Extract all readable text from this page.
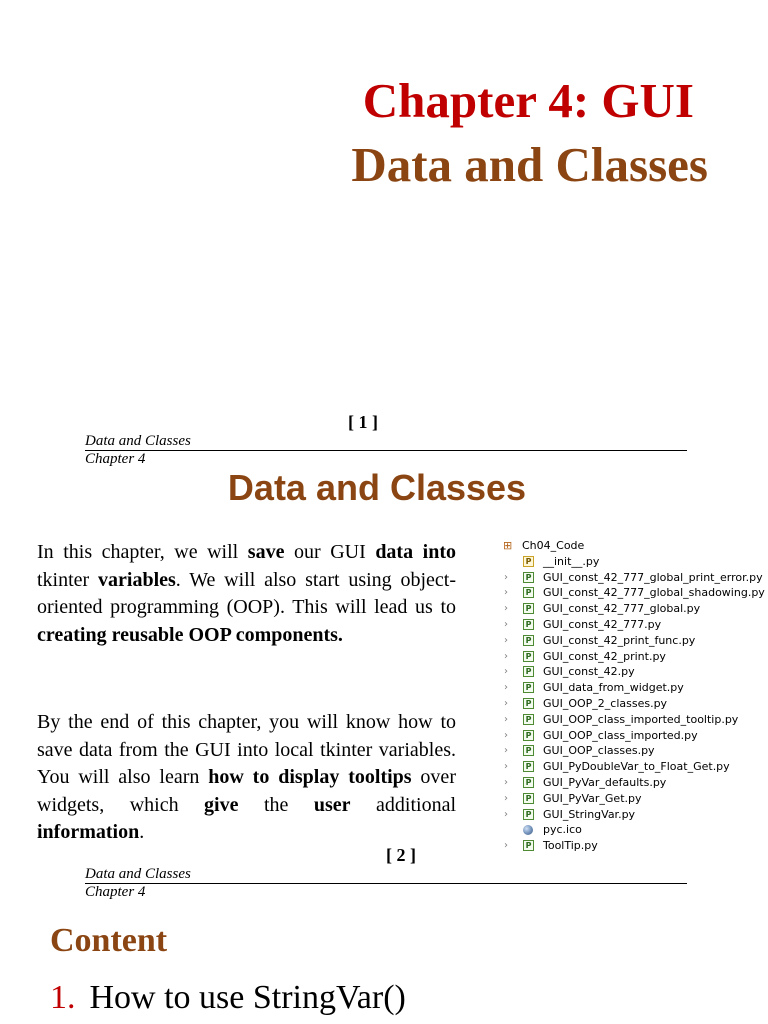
Chapter 4: GUI
Data and Classes
[ 1 ]
Data and Classes
Chapter 4
Data and Classes
In this chapter, we will save our GUI data into tkinter variables. We will also start using object-oriented programming (OOP). This will lead us to creating reusable OOP components.
By the end of this chapter, you will know how to save data from the GUI into local tkinter variables. You will also learn how to display tooltips over widgets, which give the user additional information.
⊞ Ch04_Code
P __init__.py
›	P GUI_const_42_777_global_print_error.py
›	P GUI_const_42_777_global_shadowing.py
›	P GUI_const_42_777_global.py
›	P GUI_const_42_777.py
›	P GUI_const_42_print_func.py
›	P GUI_const_42_print.py
›	P GUI_const_42.py
›	P GUI_data_from_widget.py
›	P GUI_OOP_2_classes.py
›	P GUI_OOP_class_imported_tooltip.py
›	P GUI_OOP_class_imported.py
›	P GUI_OOP_classes.py
›	P GUI_PyDoubleVar_to_Float_Get.py
›	P GUI_PyVar_defaults.py
›	P GUI_PyVar_Get.py
›	P GUI_StringVar.py
pyc.ico
›	P ToolTip.py
[ 2 ]
Data and Classes
Chapter 4
Content
1. How to use StringVar()
